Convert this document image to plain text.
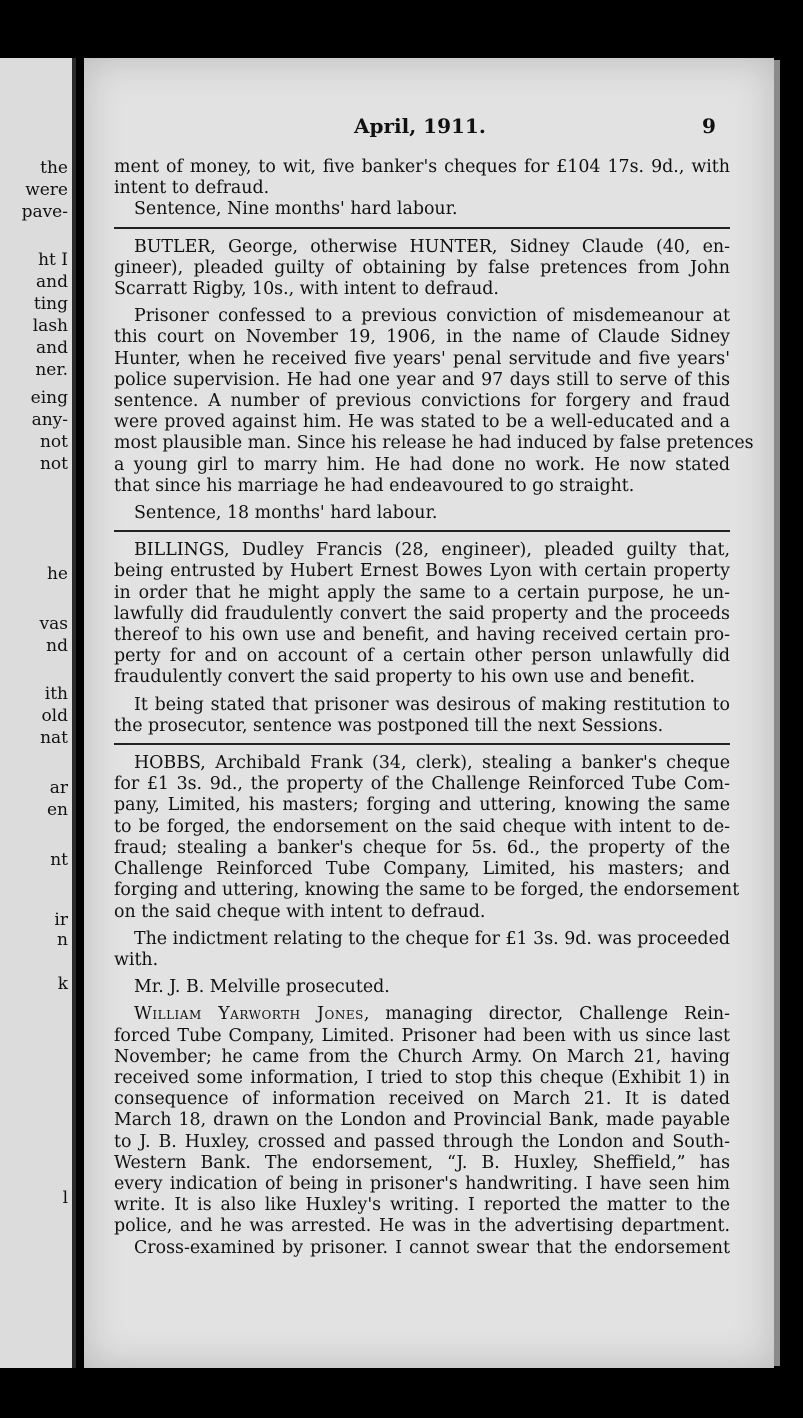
the
were
pave-
ht I
and
ting
lash
and
ner.
eing
any-
not
not
he
vas
nd
ith
old
nat
ar
en
nt
ir
n
k
l
April, 1911.	9
ment of money, to wit, five banker's cheques for £104 17s. 9d., with
intent to defraud.
Sentence, Nine months' hard labour.
BUTLER, George, otherwise HUNTER, Sidney Claude (40, en-
gineer), pleaded guilty of obtaining by false pretences from John
Scarratt Rigby, 10s., with intent to defraud.
Prisoner confessed to a previous conviction of misdemeanour at
this court on November 19, 1906, in the name of Claude Sidney
Hunter, when he received five years' penal servitude and five years'
police supervision. He had one year and 97 days still to serve of this
sentence. A number of previous convictions for forgery and fraud
were proved against him. He was stated to be a well-educated and a
most plausible man. Since his release he had induced by false pretences
a young girl to marry him. He had done no work. He now stated
that since his marriage he had endeavoured to go straight.
Sentence, 18 months' hard labour.
BILLINGS, Dudley Francis (28, engineer), pleaded guilty that,
being entrusted by Hubert Ernest Bowes Lyon with certain property
in order that he might apply the same to a certain purpose, he un-
lawfully did fraudulently convert the said property and the proceeds
thereof to his own use and benefit, and having received certain pro-
perty for and on account of a certain other person unlawfully did
fraudulently convert the said property to his own use and benefit.
It being stated that prisoner was desirous of making restitution to
the prosecutor, sentence was postponed till the next Sessions.
HOBBS, Archibald Frank (34, clerk), stealing a banker's cheque
for £1 3s. 9d., the property of the Challenge Reinforced Tube Com-
pany, Limited, his masters; forging and uttering, knowing the same
to be forged, the endorsement on the said cheque with intent to de-
fraud; stealing a banker's cheque for 5s. 6d., the property of the
Challenge Reinforced Tube Company, Limited, his masters; and
forging and uttering, knowing the same to be forged, the endorsement
on the said cheque with intent to defraud.
The indictment relating to the cheque for £1 3s. 9d. was proceeded
with.
Mr. J. B. Melville prosecuted.
William Yarworth Jones, managing director, Challenge Rein-
forced Tube Company, Limited. Prisoner had been with us since last
November; he came from the Church Army. On March 21, having
received some information, I tried to stop this cheque (Exhibit 1) in
consequence of information received on March 21. It is dated
March 18, drawn on the London and Provincial Bank, made payable
to J. B. Huxley, crossed and passed through the London and South-
Western Bank. The endorsement, “J. B. Huxley, Sheffield,” has
every indication of being in prisoner's handwriting. I have seen him
write. It is also like Huxley's writing. I reported the matter to the
police, and he was arrested. He was in the advertising department.
Cross-examined by prisoner. I cannot swear that the endorsement
